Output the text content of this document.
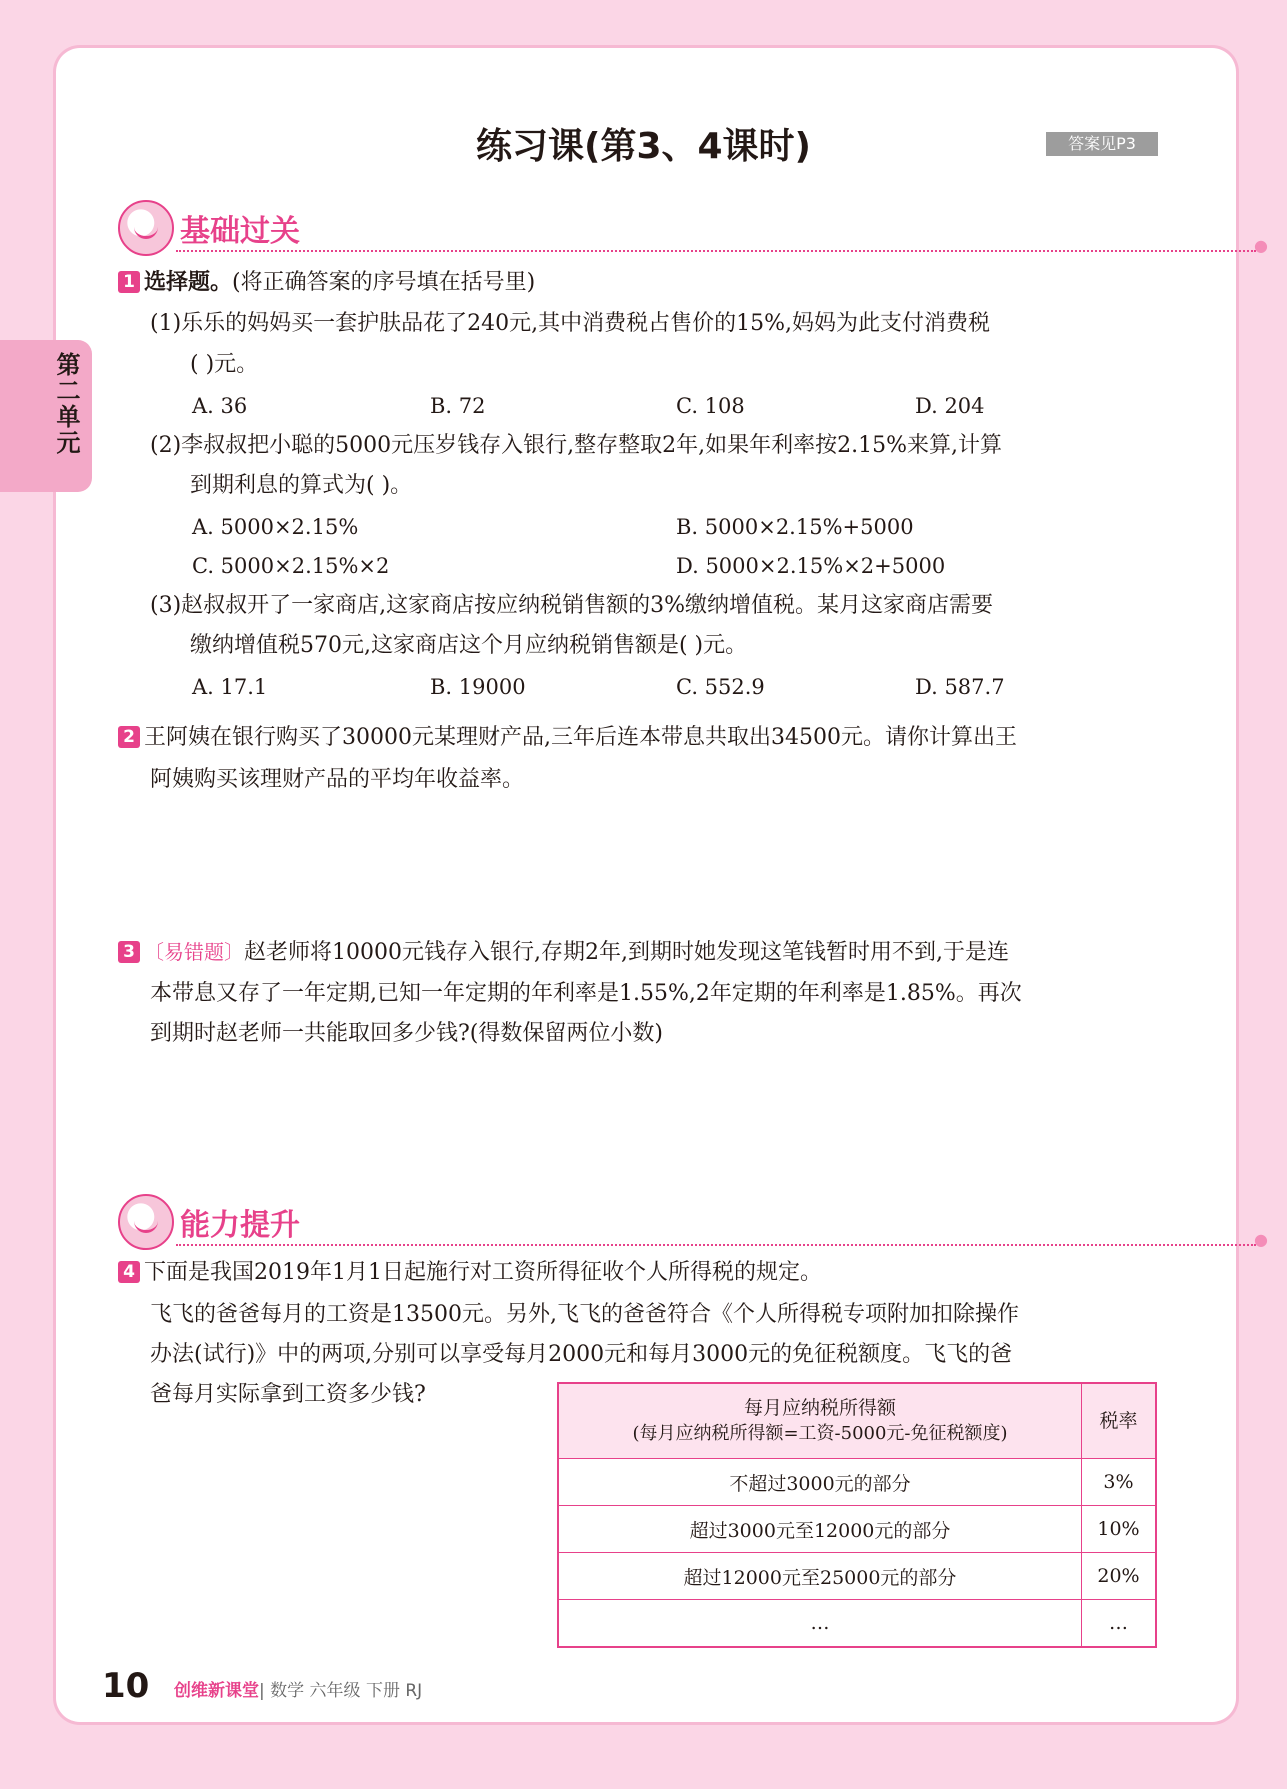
第二单元
练习课(第3、4课时)	答案见P3
基础过关	●
1 选择题。(将正确答案的序号填在括号里)
(1)乐乐的妈妈买一套护肤品花了240元,其中消费税占售价的15%,妈妈为此支付消费税
( )元。
A. 36	B. 72	C. 108	D. 204
(2)李叔叔把小聪的5000元压岁钱存入银行,整存整取2年,如果年利率按2.15%来算,计算
到期利息的算式为( )。
A. 5000×2.15%	B. 5000×2.15%+5000
C. 5000×2.15%×2	D. 5000×2.15%×2+5000
(3)赵叔叔开了一家商店,这家商店按应纳税销售额的3%缴纳增值税。某月这家商店需要
缴纳增值税570元,这家商店这个月应纳税销售额是( )元。
A. 17.1	B. 19000	C. 552.9	D. 587.7
2 王阿姨在银行购买了30000元某理财产品,三年后连本带息共取出34500元。请你计算出王
阿姨购买该理财产品的平均年收益率。
3 〔易错题〕赵老师将10000元钱存入银行,存期2年,到期时她发现这笔钱暂时用不到,于是连
本带息又存了一年定期,已知一年定期的年利率是1.55%,2年定期的年利率是1.85%。再次
到期时赵老师一共能取回多少钱?(得数保留两位小数)
能力提升	●
4 下面是我国2019年1月1日起施行对工资所得征收个人所得税的规定。
飞飞的爸爸每月的工资是13500元。另外,飞飞的爸爸符合《个人所得税专项附加扣除操作
办法(试行)》中的两项,分别可以享受每月2000元和每月3000元的免征税额度。飞飞的爸
爸每月实际拿到工资多少钱?
每月应纳税所得额
(每月应纳税所得额=工资-5000元-免征税额度)	税率
不超过3000元的部分	3%
超过3000元至12000元的部分	10%
超过12000元至25000元的部分	20%
…	…
10 创维新课堂| 数学 六年级 下册 RJ
